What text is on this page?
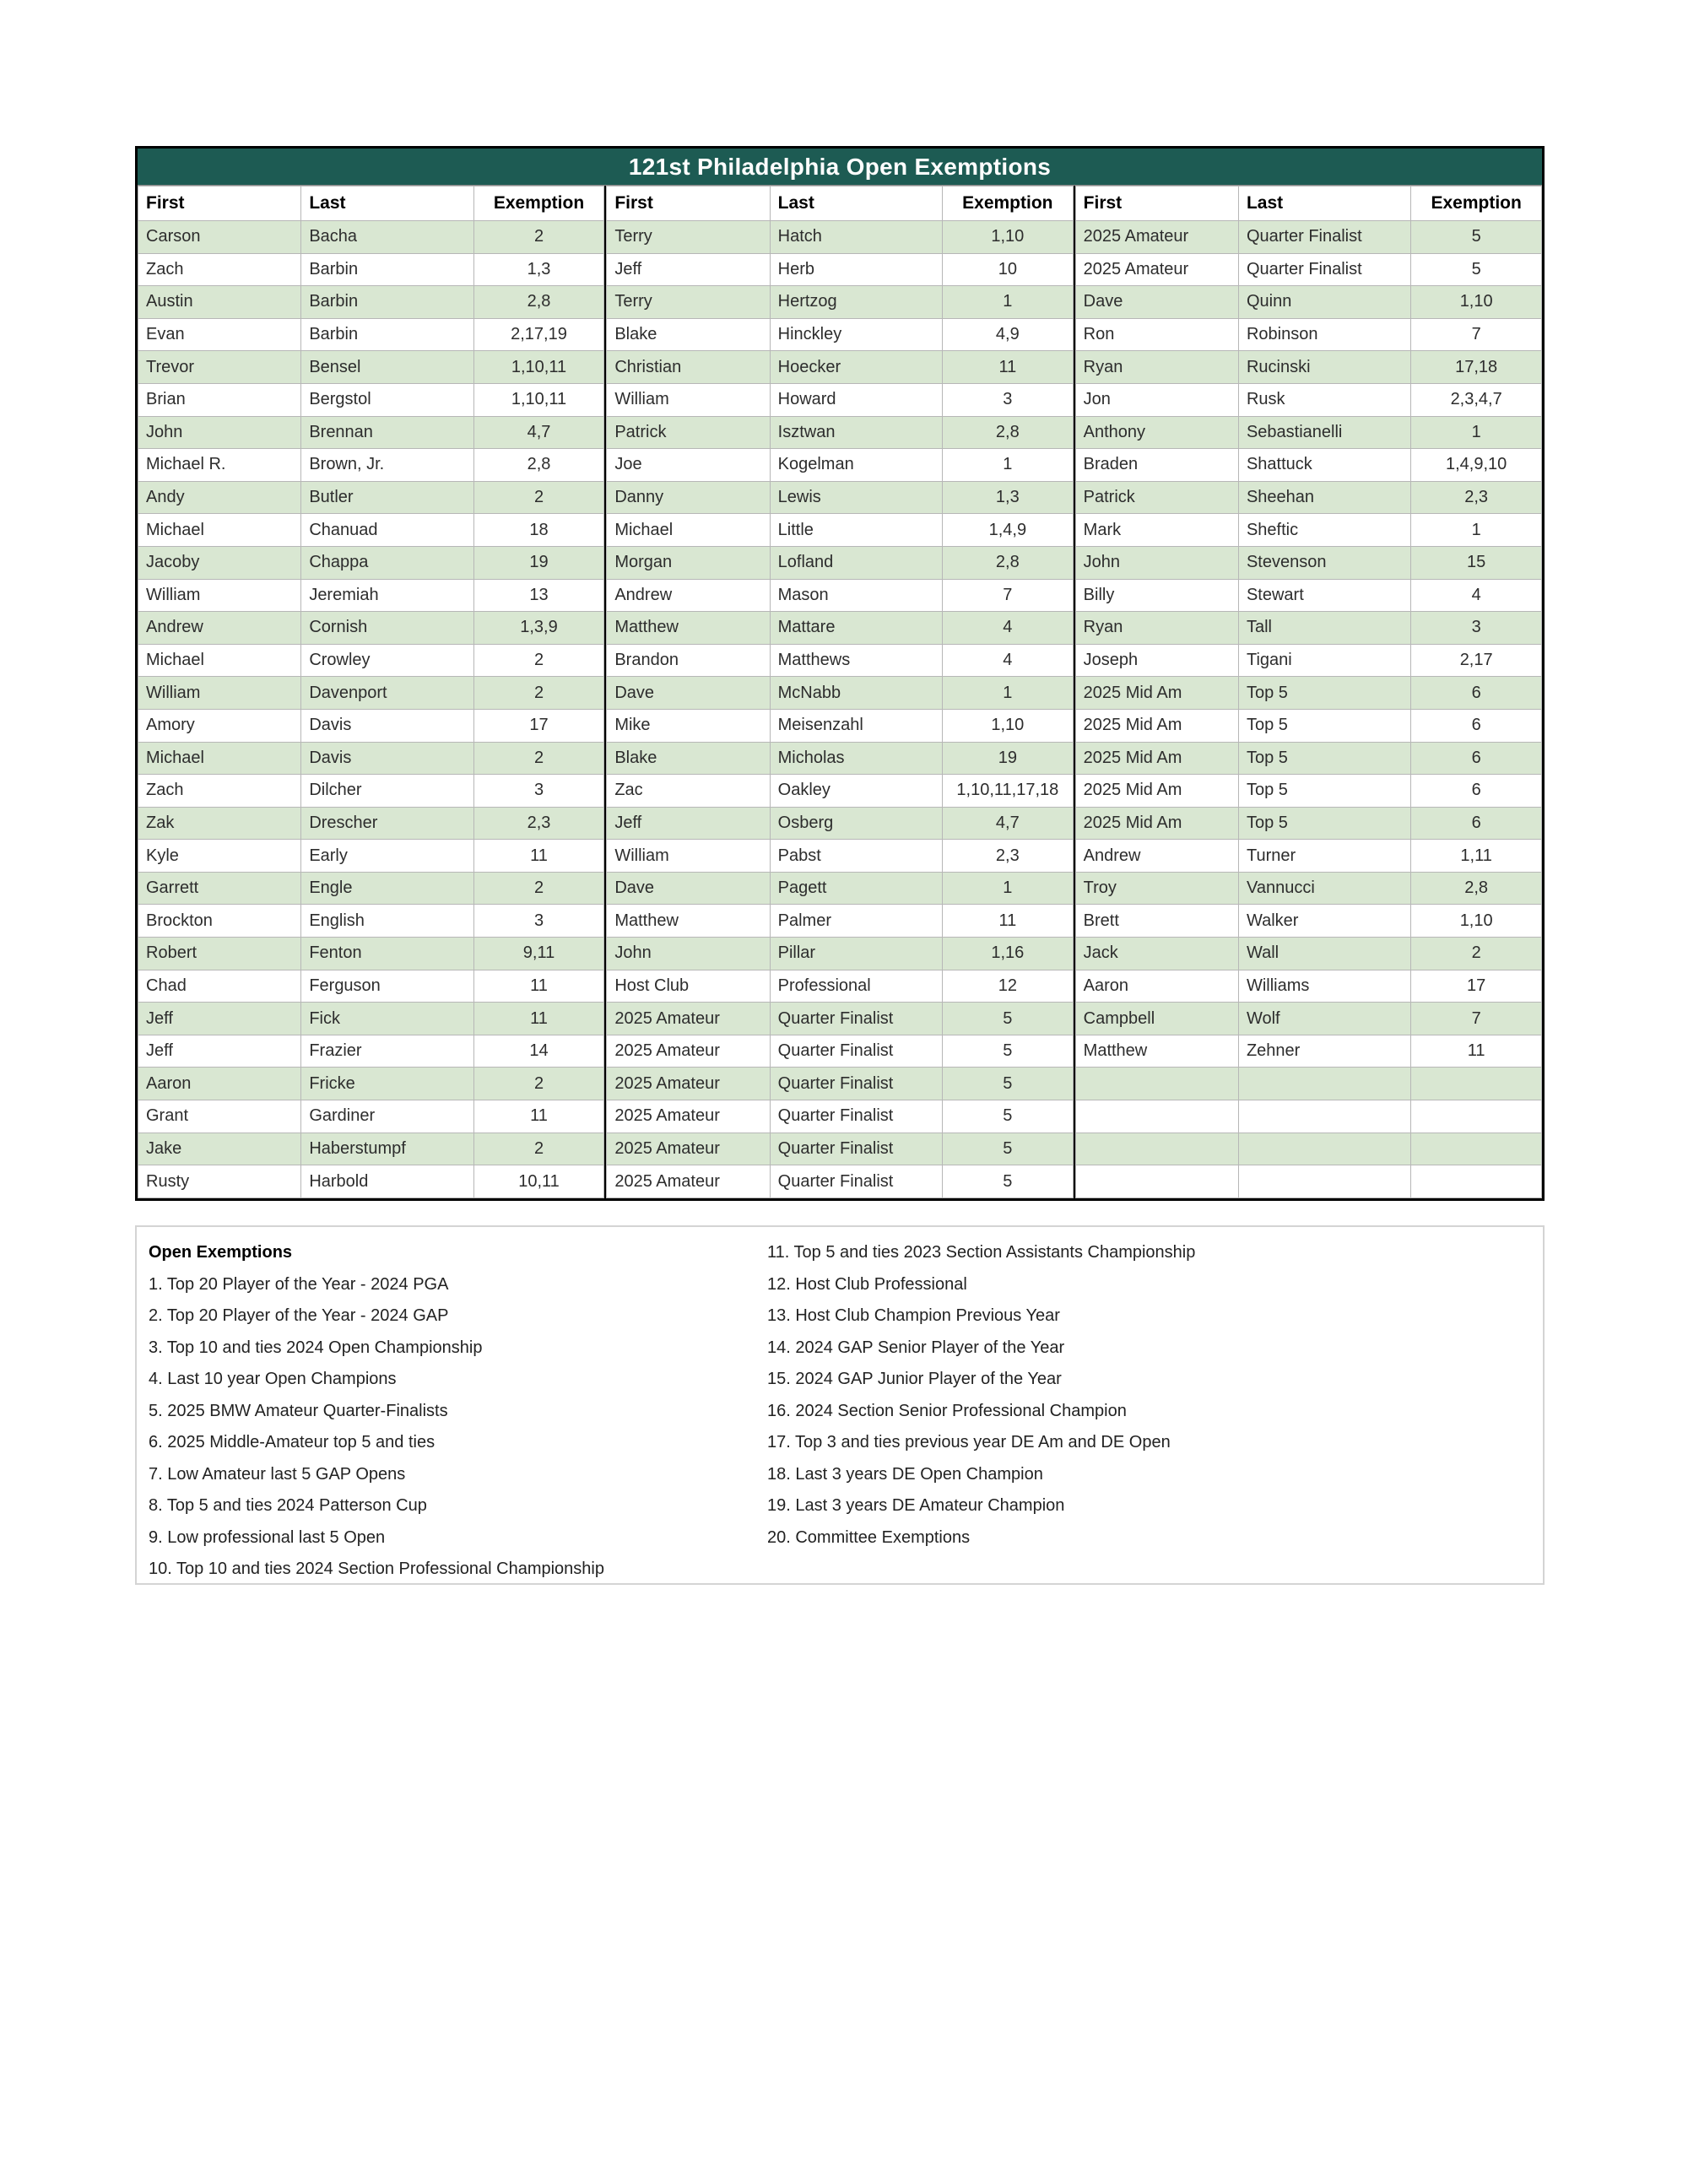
121st Philadelphia Open Exemptions
First	Last	Exemption
Carson	Bacha	2
Zach	Barbin	1,3
Austin	Barbin	2,8
Evan	Barbin	2,17,19
Trevor	Bensel	1,10,11
Brian	Bergstol	1,10,11
John	Brennan	4,7
Michael R.	Brown, Jr.	2,8
Andy	Butler	2
Michael	Chanuad	18
Jacoby	Chappa	19
William	Jeremiah	13
Andrew	Cornish	1,3,9
Michael	Crowley	2
William	Davenport	2
Amory	Davis	17
Michael	Davis	2
Zach	Dilcher	3
Zak	Drescher	2,3
Kyle	Early	11
Garrett	Engle	2
Brockton	English	3
Robert	Fenton	9,11
Chad	Ferguson	11
Jeff	Fick	11
Jeff	Frazier	14
Aaron	Fricke	2
Grant	Gardiner	11
Jake	Haberstumpf	2
Rusty	Harbold	10,11
First	Last	Exemption
Terry	Hatch	1,10
Jeff	Herb	10
Terry	Hertzog	1
Blake	Hinckley	4,9
Christian	Hoecker	11
William	Howard	3
Patrick	Isztwan	2,8
Joe	Kogelman	1
Danny	Lewis	1,3
Michael	Little	1,4,9
Morgan	Lofland	2,8
Andrew	Mason	7
Matthew	Mattare	4
Brandon	Matthews	4
Dave	McNabb	1
Mike	Meisenzahl	1,10
Blake	Micholas	19
Zac	Oakley	1,10,11,17,18
Jeff	Osberg	4,7
William	Pabst	2,3
Dave	Pagett	1
Matthew	Palmer	11
John	Pillar	1,16
Host Club	Professional	12
2025 Amateur	Quarter Finalist	5
2025 Amateur	Quarter Finalist	5
2025 Amateur	Quarter Finalist	5
2025 Amateur	Quarter Finalist	5
2025 Amateur	Quarter Finalist	5
2025 Amateur	Quarter Finalist	5
First	Last	Exemption
2025 Amateur	Quarter Finalist	5
2025 Amateur	Quarter Finalist	5
Dave	Quinn	1,10
Ron	Robinson	7
Ryan	Rucinski	17,18
Jon	Rusk	2,3,4,7
Anthony	Sebastianelli	1
Braden	Shattuck	1,4,9,10
Patrick	Sheehan	2,3
Mark	Sheftic	1
John	Stevenson	15
Billy	Stewart	4
Ryan	Tall	3
Joseph	Tigani	2,17
2025 Mid Am	Top 5	6
2025 Mid Am	Top 5	6
2025 Mid Am	Top 5	6
2025 Mid Am	Top 5	6
2025 Mid Am	Top 5	6
Andrew	Turner	1,11
Troy	Vannucci	2,8
Brett	Walker	1,10
Jack	Wall	2
Aaron	Williams	17
Campbell	Wolf	7
Matthew	Zehner	11

Open Exemptions
1. Top 20 Player of the Year - 2024 PGA
2. Top 20 Player of the Year - 2024 GAP
3. Top 10 and ties 2024 Open Championship
4. Last 10 year Open Champions
5. 2025 BMW Amateur Quarter-Finalists
6. 2025 Middle-Amateur top 5 and ties
7. Low Amateur last 5 GAP Opens
8. Top 5 and ties 2024 Patterson Cup
9. Low professional last 5 Open
10. Top 10 and ties 2024 Section Professional Championship
11. Top 5 and ties 2023 Section Assistants Championship
12. Host Club Professional
13. Host Club Champion Previous Year
14. 2024 GAP Senior Player of the Year
15. 2024 GAP Junior Player of the Year
16. 2024 Section Senior Professional Champion
17. Top 3 and ties previous year DE Am and DE Open
18. Last 3 years DE Open Champion
19. Last 3 years DE Amateur Champion
20. Committee Exemptions
